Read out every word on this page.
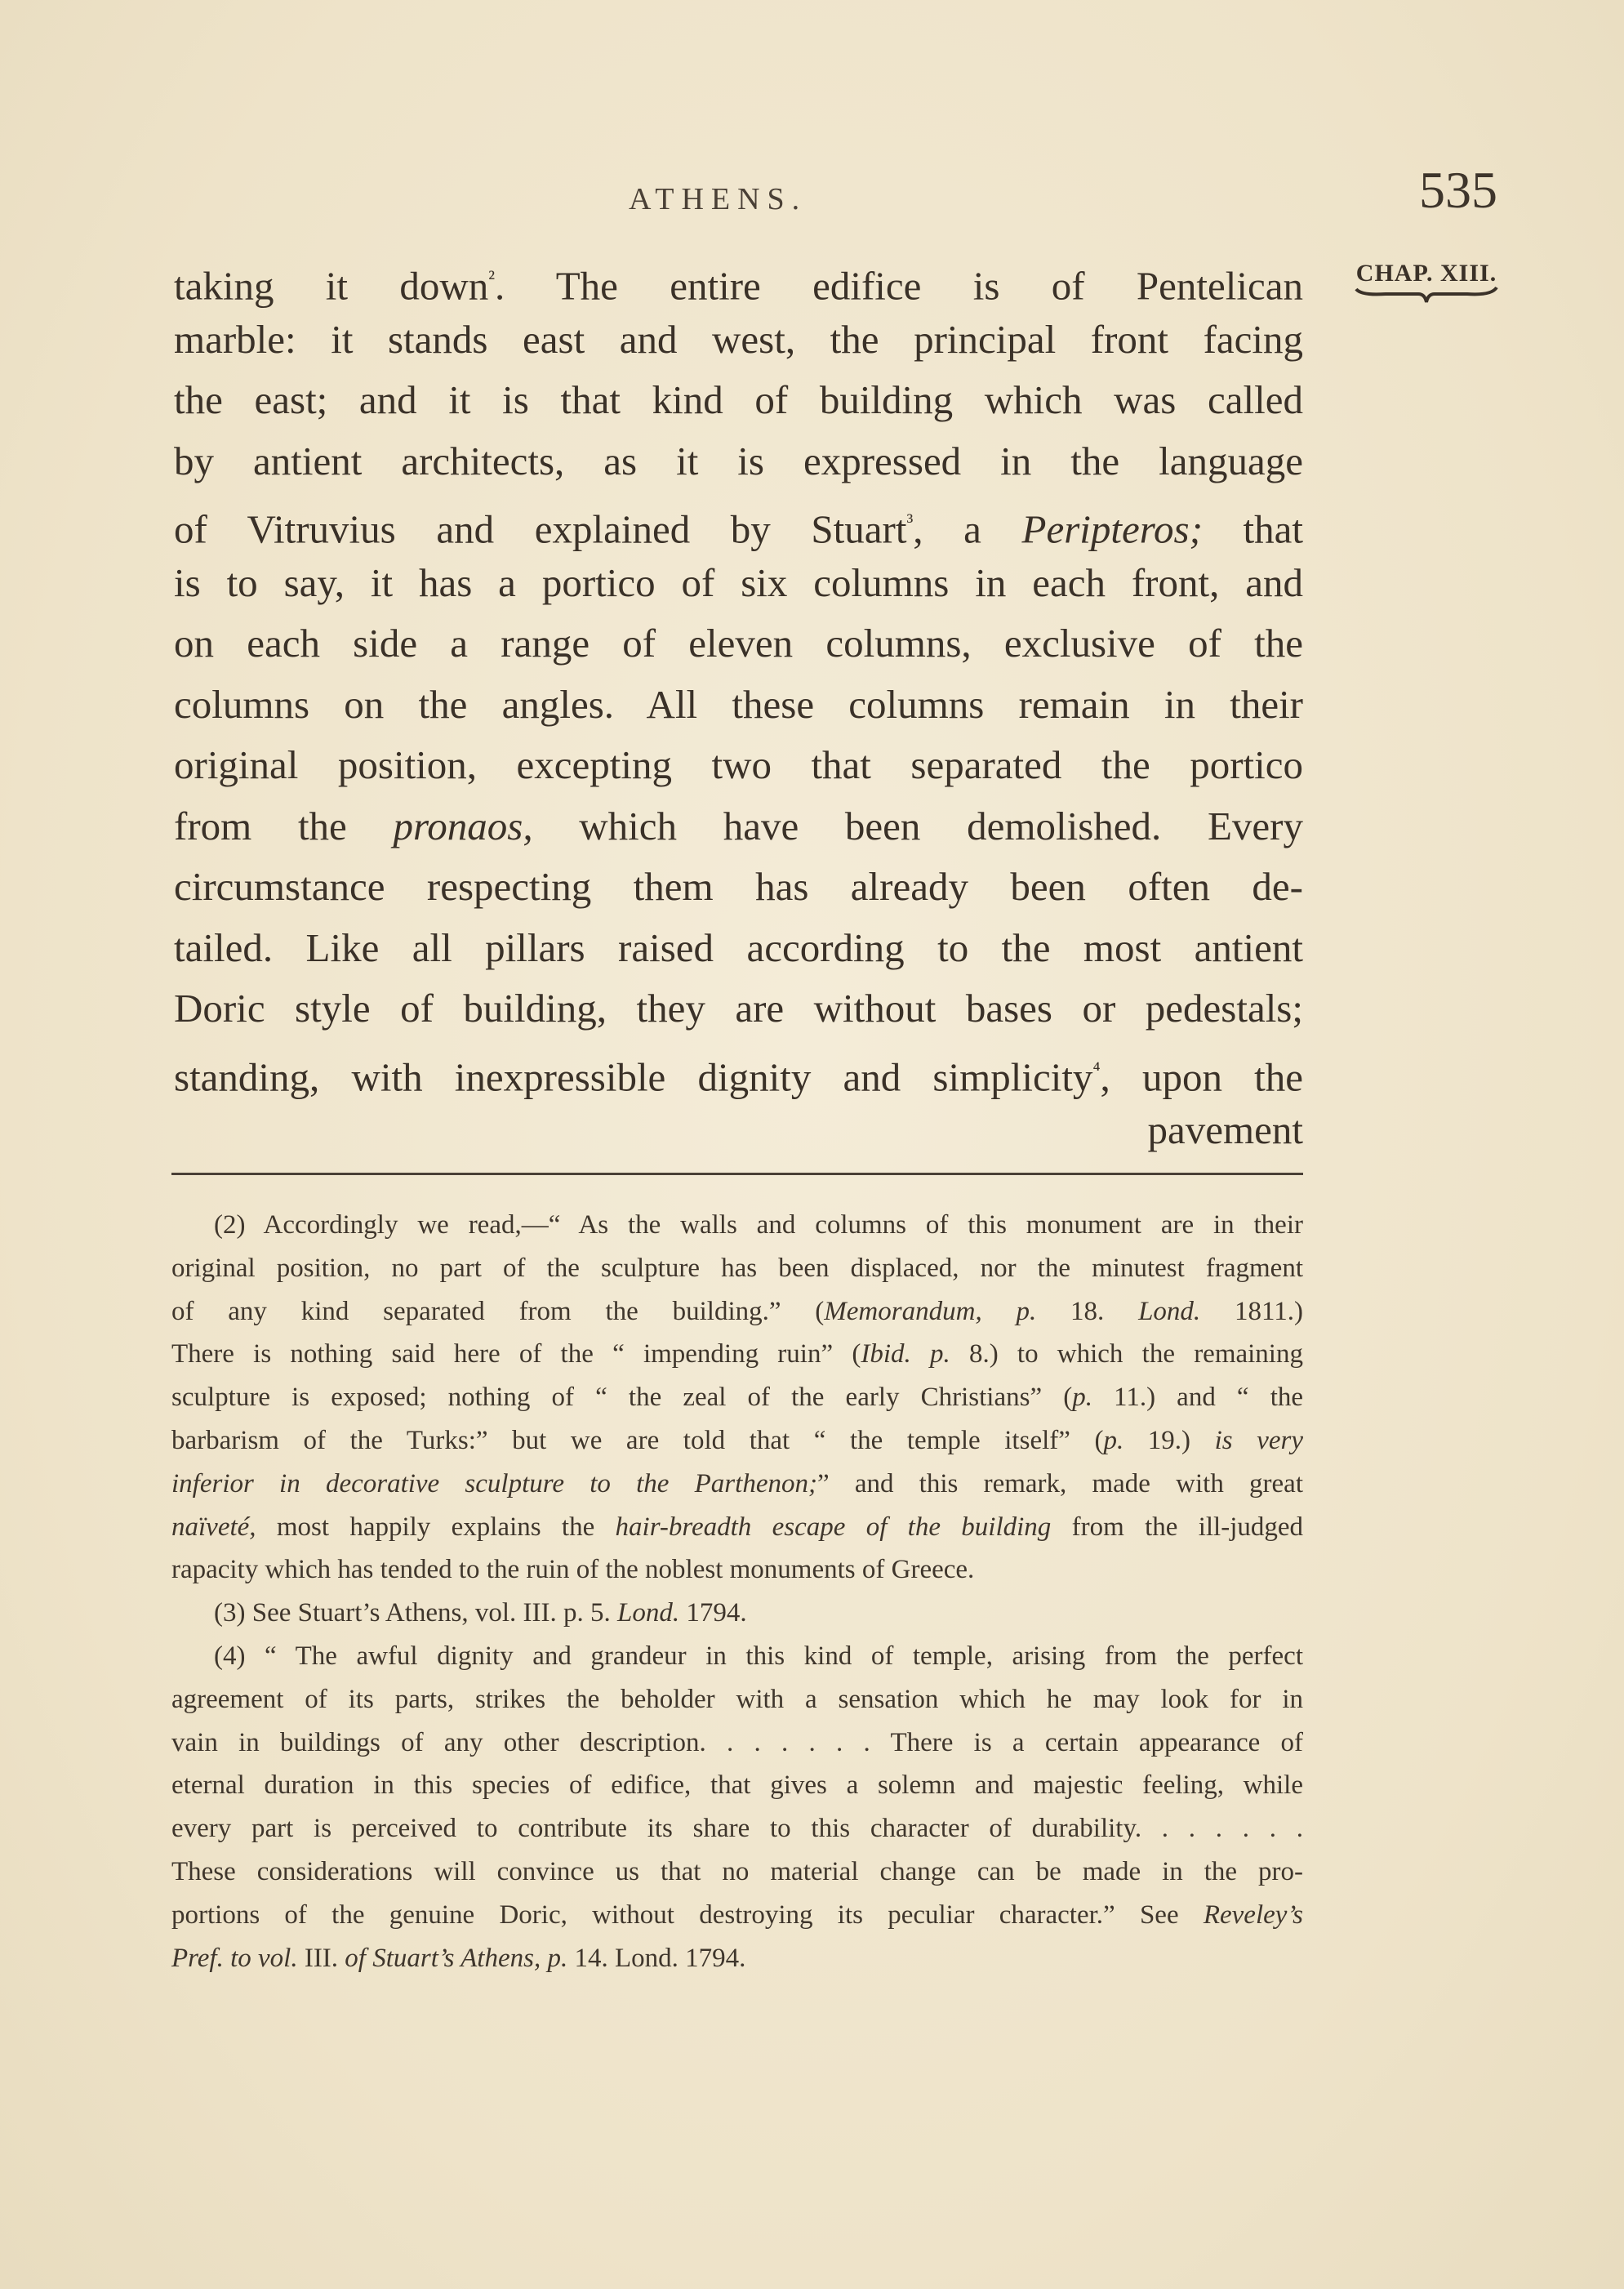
ATHENS.	535
CHAP. XIII.
taking it down$^{^2}$. The entire edifice is of Pentelican
marble: it stands east and west, the principal front facing
the east; and it is that kind of building which was called
by antient architects, as it is expressed in the language
of Vitruvius and explained by Stuart$^{^3}$, a Peripteros; that
is to say, it has a portico of six columns in each front, and
on each side a range of eleven columns, exclusive of the
columns on the angles. All these columns remain in their
original position, excepting two that separated the portico
from the pronaos, which have been demolished. Every
circumstance respecting them has already been often de-
tailed. Like all pillars raised according to the most antient
Doric style of building, they are without bases or pedestals;
standing, with inexpressible dignity and simplicity$^{^4}$, upon the
pavement
(2) Accordingly we read,—“ As the walls and columns of this monument are in their
original position, no part of the sculpture has been displaced, nor the minutest fragment
of any kind separated from the building.” (Memorandum, p. 18. Lond. 1811.)
There is nothing said here of the “ impending ruin” (Ibid. p. 8.) to which the remaining
sculpture is exposed; nothing of “ the zeal of the early Christians” (p. 11.) and “ the
barbarism of the Turks:” but we are told that “ the temple itself” (p. 19.) is very
inferior in decorative sculpture to the Parthenon;” and this remark, made with great
naïveté, most happily explains the hair-breadth escape of the building from the ill-judged
rapacity which has tended to the ruin of the noblest monuments of Greece.
(3) See Stuart’s Athens, vol. III. p. 5. Lond. 1794.
(4) “ The awful dignity and grandeur in this kind of temple, arising from the perfect
agreement of its parts, strikes the beholder with a sensation which he may look for in
vain in buildings of any other description. . . . . . . There is a certain appearance of
eternal duration in this species of edifice, that gives a solemn and majestic feeling, while
every part is perceived to contribute its share to this character of durability. . . . . . .
These considerations will convince us that no material change can be made in the pro-
portions of the genuine Doric, without destroying its peculiar character.” See Reveley’s
Pref. to vol. III. of Stuart’s Athens, p. 14. Lond. 1794.
